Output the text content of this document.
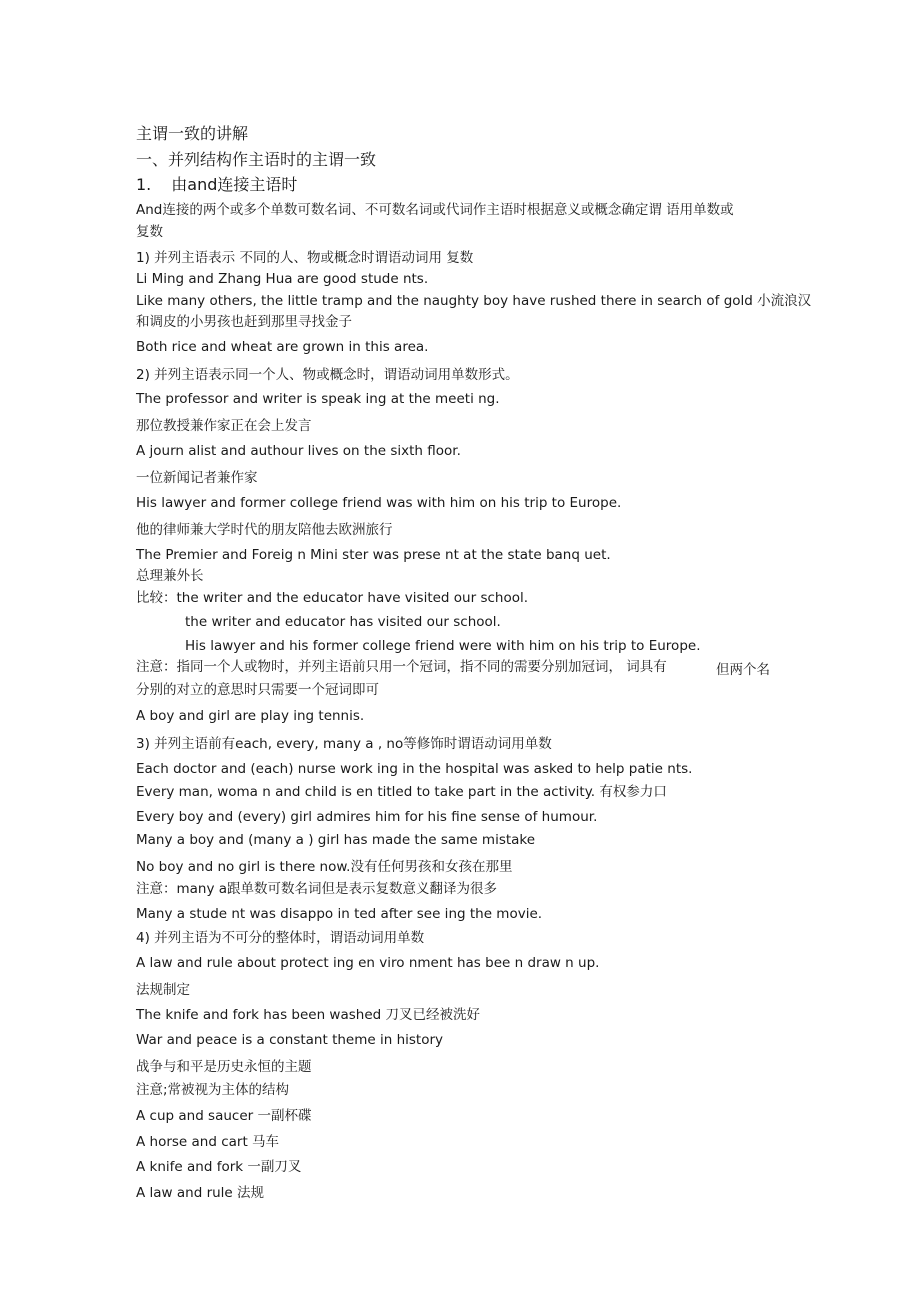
主谓一致的讲解
一、并列结构作主语时的主谓一致
1. 由and连接主语时
And连接的两个或多个单数可数名词、不可数名词或代词作主语时根据意义或概念确定谓 语用单数或
复数
1) 并列主语表示 不同的人、物或概念时谓语动词用 复数
Li Ming and Zhang Hua are good stude nts.
Like many others, the little tramp and the naughty boy have rushed there in search of gold 小流浪汉
和调皮的小男孩也赶到那里寻找金子
Both rice and wheat are grown in this area.
2) 并列主语表示同一个人、物或概念时，谓语动词用单数形式。
The professor and writer is speak ing at the meeti ng.
那位教授兼作家正在会上发言
A journ alist and authour lives on the sixth floor.
一位新闻记者兼作家
His lawyer and former college friend was with him on his trip to Europe.
他的律师兼大学时代的朋友陪他去欧洲旅行
The Premier and Foreig n Mini ster was prese nt at the state banq uet.
总理兼外长
比较：the writer and the educator have visited our school.
the writer and educator has visited our school.
His lawyer and his former college friend were with him on his trip to Europe.
注意：指同一个人或物时，并列主语前只用一个冠词，指不同的需要分别加冠词， 词具有	但两个名
分别的对立的意思时只需要一个冠词即可
A boy and girl are play ing tennis.
3) 并列主语前有each, every, many a , no等修饰时谓语动词用单数
Each doctor and (each) nurse work ing in the hospital was asked to help patie nts.
Every man, woma n and child is en titled to take part in the activity. 有权参力口
Every boy and (every) girl admires him for his fine sense of humour.
Many a boy and (many a ) girl has made the same mistake
No boy and no girl is there now.没有任何男孩和女孩在那里
注意：many a跟单数可数名词但是表示复数意义翻译为很多
Many a stude nt was disappo in ted after see ing the movie.
4) 并列主语为不可分的整体时，谓语动词用单数
A law and rule about protect ing en viro nment has bee n draw n up.
法规制定
The knife and fork has been washed 刀叉已经被洗好
War and peace is a constant theme in history
战争与和平是历史永恒的主题
注意;常被视为主体的结构
A cup and saucer 一副杯碟
A horse and cart 马车
A knife and fork 一副刀叉
A law and rule 法规
